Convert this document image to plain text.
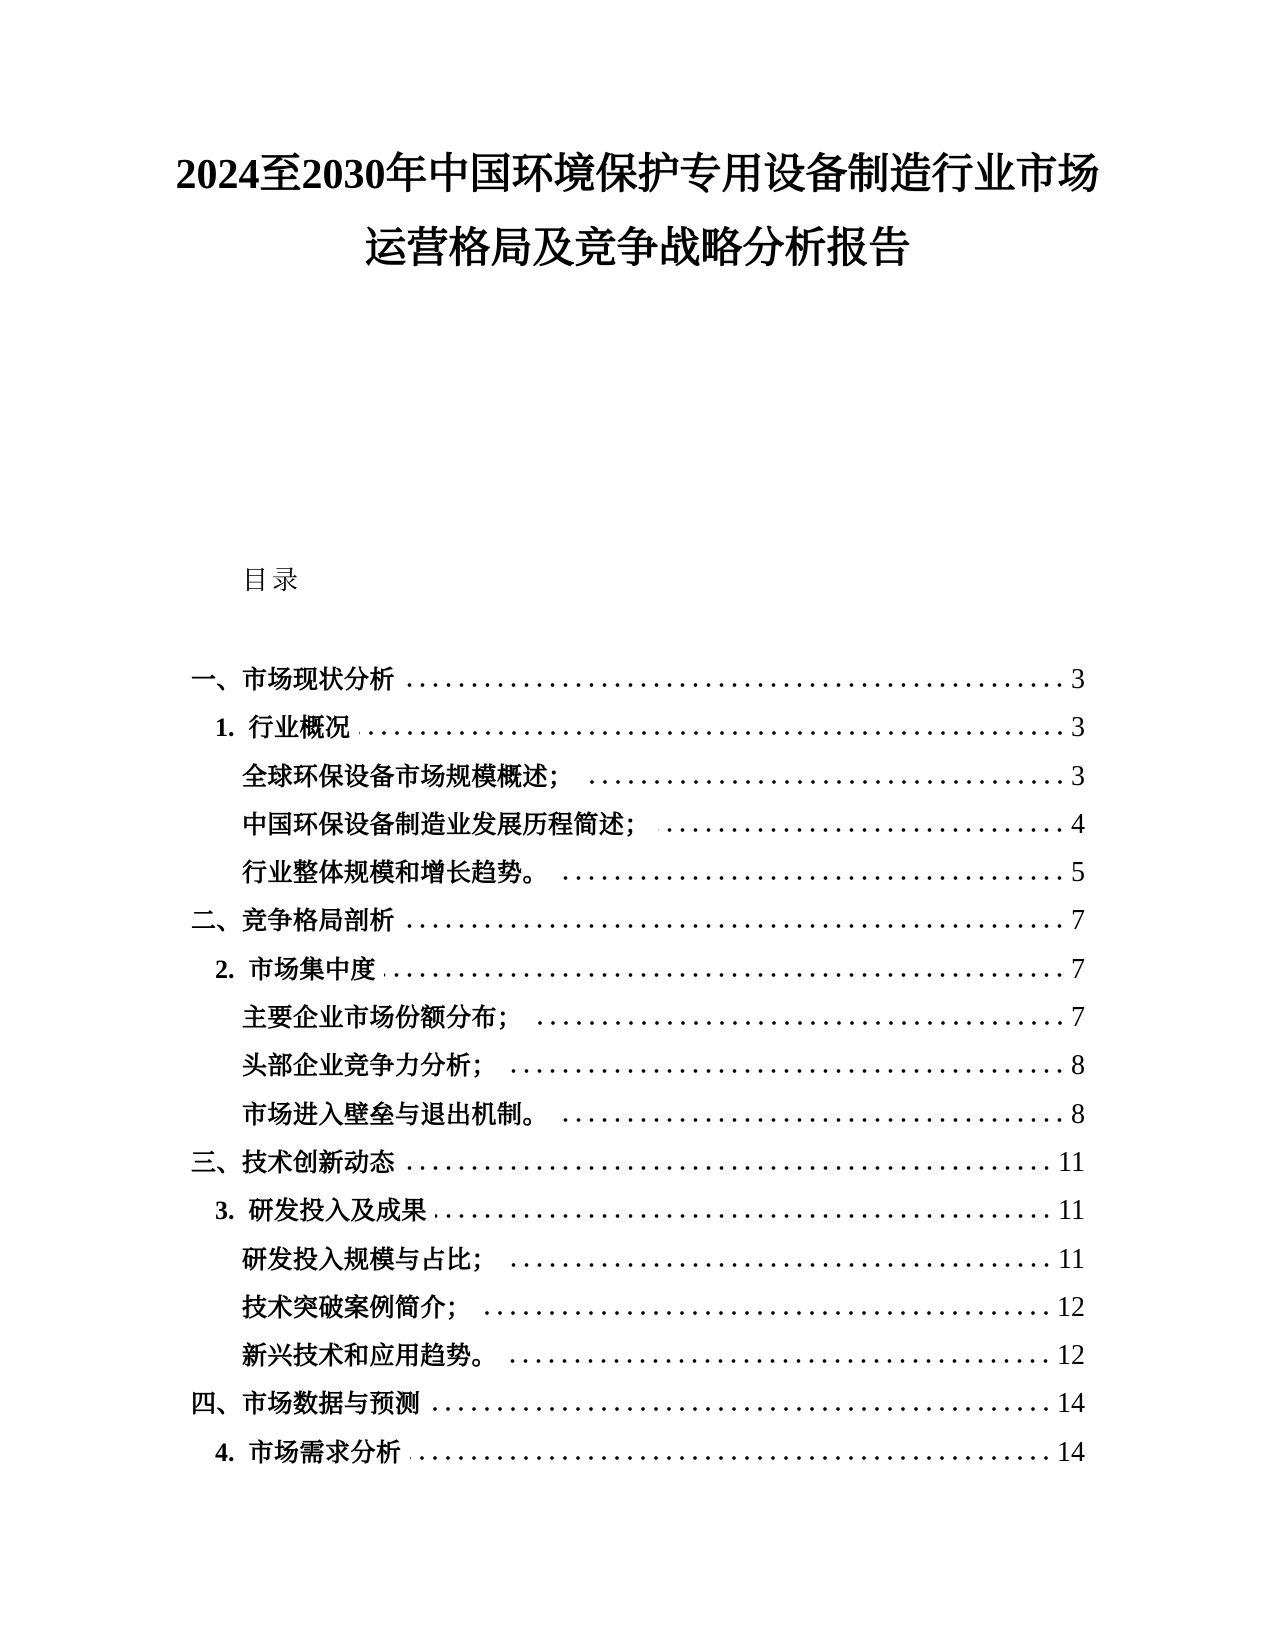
2024至2030年中国环境保护专用设备制造行业市场
运营格局及竞争战略分析报告
目录
一、市场现状分析	3
1. 行业概况	3
全球环保设备市场规模概述；	3
中国环保设备制造业发展历程简述；	4
行业整体规模和增长趋势。	5
二、竞争格局剖析	7
2. 市场集中度	7
主要企业市场份额分布；	7
头部企业竞争力分析；	8
市场进入壁垒与退出机制。	8
三、技术创新动态	11
3. 研发投入及成果	11
研发投入规模与占比；	11
技术突破案例简介；	12
新兴技术和应用趋势。	12
四、市场数据与预测	14
4. 市场需求分析	14
